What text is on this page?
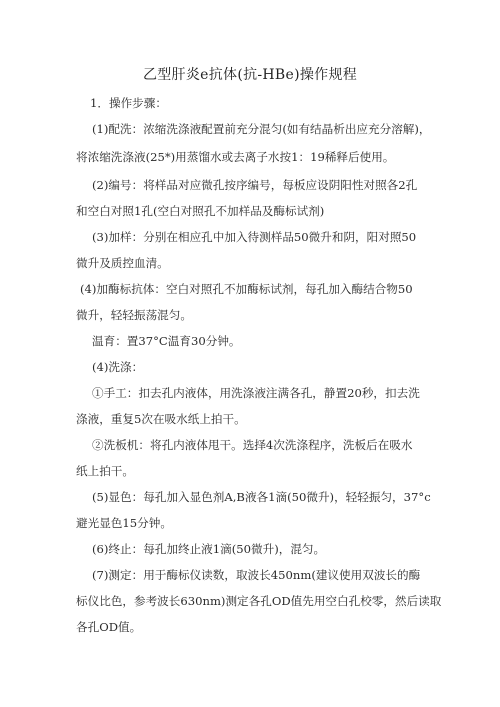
乙型肝炎e抗体(抗-HBe)操作规程
1．操作步骤：
(1)配洗：浓缩洗涤液配置前充分混匀(如有结晶析出应充分溶解)，
将浓缩洗涤液(25*)用蒸馏水或去离子水按1：19稀释后使用。
(2)编号：将样品对应微孔按序编号，每板应设阴阳性对照各2孔
和空白对照1孔(空白对照孔不加样品及酶标试剂)
(3)加样：分别在相应孔中加入待测样品50微升和阴，阳对照50
微升及质控血清。
(4)加酶标抗体：空白对照孔不加酶标试剂，每孔加入酶结合物50
微升，轻轻振荡混匀。
温育：置37°C温育30分钟。
(4)洗涤：
①手工：扣去孔内液体，用洗涤液注满各孔，静置20秒，扣去洗
涤液，重复5次在吸水纸上拍干。
②洗板机：将孔内液体甩干。选择4次洗涤程序，洗板后在吸水
纸上拍干。
(5)显色：每孔加入显色剂A,B液各1滴(50微升)，轻轻振匀，37°c
避光显色15分钟。
(6)终止：每孔加终止液1滴(50微升)，混匀。
(7)测定：用于酶标仪读数，取波长450nm(建议使用双波长的酶
标仪比色，参考波长630nm)测定各孔OD值先用空白孔校零，然后读取
各孔OD值。
